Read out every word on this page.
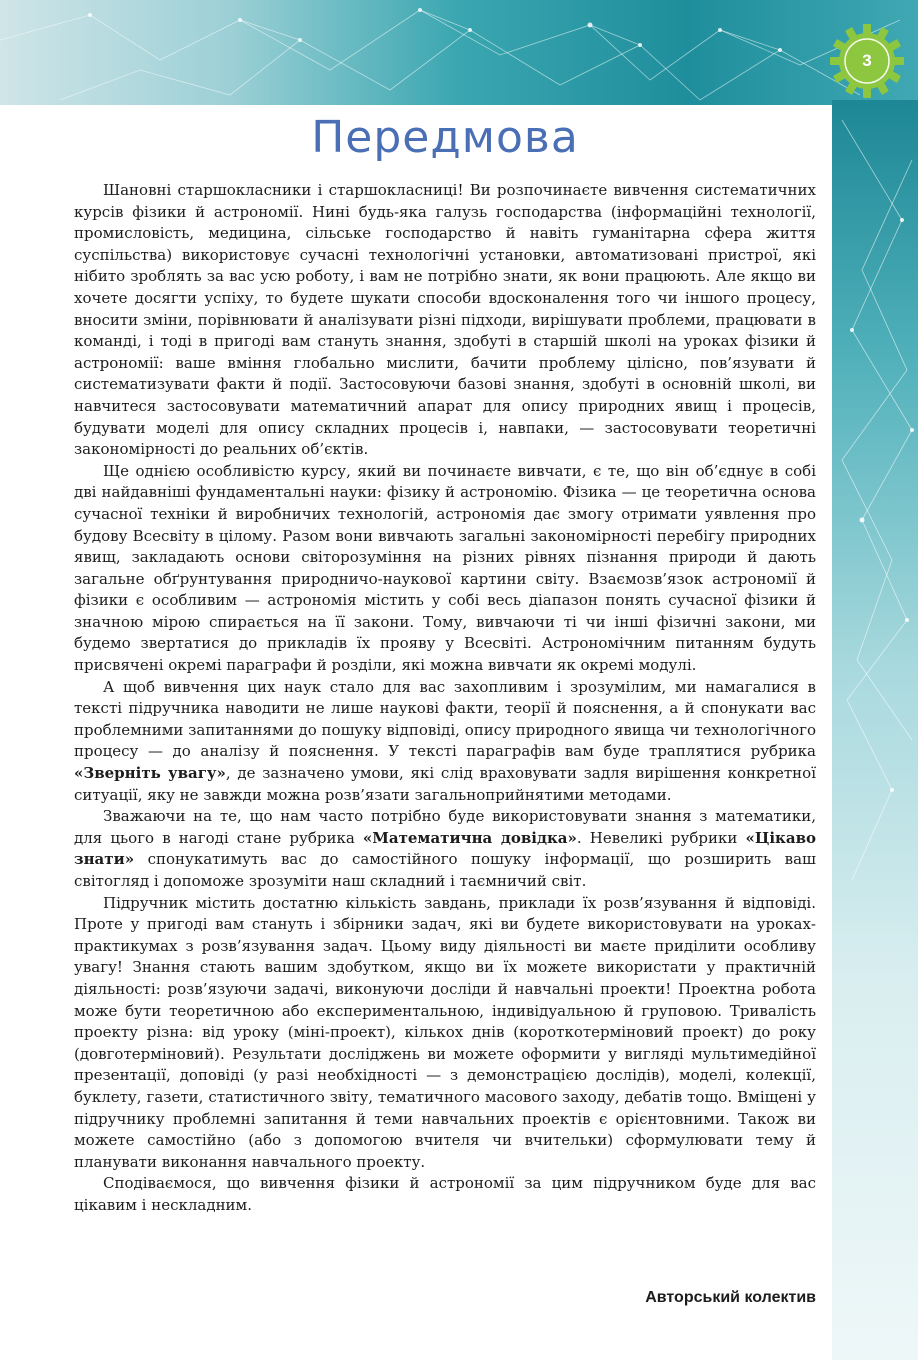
3
Передмова

Шановні старшокласники і старшокласниці! Ви розпочинаєте вивчення систематичних курсів фізики й астрономії. Нині будь-яка галузь господарства (інформаційні технології, промисловість, медицина, сільське господарство й навіть гуманітарна сфера життя суспільства) використовує сучасні технологічні установки, автоматизовані пристрої, які нібито зроблять за вас усю роботу, і вам не потрібно знати, як вони працюють. Але якщо ви хочете досягти успіху, то будете шукати способи вдосконалення того чи іншого процесу, вносити зміни, порівнювати й аналізувати різні підходи, вирішувати проблеми, працювати в команді, і тоді в пригоді вам стануть знання, здобуті в старшій школі на уроках фізики й астрономії: ваше вміння глобально мислити, бачити проблему цілісно, пов’язувати й систематизувати факти й події. Застосовуючи базові знання, здобуті в основній школі, ви навчитеся застосовувати математичний апарат для опису природних явищ і процесів, будувати моделі для опису складних процесів і, навпаки, — застосовувати теоретичні закономірності до реальних об’єктів.

Ще однією особливістю курсу, який ви починаєте вивчати, є те, що він об’єднує в собі дві найдавніші фундаментальні науки: фізику й астрономію. Фізика — це теоретична основа сучасної техніки й виробничих технологій, астрономія дає змогу отримати уявлення про будову Всесвіту в цілому. Разом вони вивчають загальні закономірності перебігу природних явищ, закладають основи світорозуміння на різних рівнях пізнання природи й дають загальне обґрунтування природничо-наукової картини світу. Взаємозв’язок астрономії й фізики є особливим — астрономія містить у собі весь діапазон понять сучасної фізики й значною мірою спирається на її закони. Тому, вивчаючи ті чи інші фізичні закони, ми будемо звертатися до прикладів їх прояву у Всесвіті. Астрономічним питанням будуть присвячені окремі параграфи й розділи, які можна вивчати як окремі модулі.

А щоб вивчення цих наук стало для вас захопливим і зрозумілим, ми намагалися в тексті підручника наводити не лише наукові факти, теорії й пояснення, а й спонукати вас проблемними запитаннями до пошуку відповіді, опису природного явища чи технологічного процесу — до аналізу й пояснення. У тексті параграфів вам буде траплятися рубрика «Зверніть увагу», де зазначено умови, які слід враховувати задля вирішення конкретної ситуації, яку не завжди можна розв’язати загальноприйнятими методами.

Зважаючи на те, що нам часто потрібно буде використовувати знання з математики, для цього в нагоді стане рубрика «Математична довідка». Невеликі рубрики «Цікаво знати» спонукатимуть вас до самостійного пошуку інформації, що розширить ваш світогляд і допоможе зрозуміти наш складний і таємничий світ.

Підручник містить достатню кількість завдань, приклади їх розв’язування й відповіді. Проте у пригоді вам стануть і збірники задач, які ви будете використовувати на уроках-практикумах з розв’язування задач. Цьому виду діяльності ви маєте приділити особливу увагу! Знання стають вашим здобутком, якщо ви їх можете використати у практичній діяльності: розв’язуючи задачі, виконуючи досліди й навчальні проекти! Проектна робота може бути теоретичною або експериментальною, індивідуальною й груповою. Тривалість проекту різна: від уроку (міні-проект), кількох днів (короткотерміновий проект) до року (довготерміновий). Результати досліджень ви можете оформити у вигляді мультимедійної презентації, доповіді (у разі необхідності — з демонстрацією дослідів), моделі, колекції, буклету, газети, статистичного звіту, тематичного масового заходу, дебатів тощо. Вміщені у підручнику проблемні запитання й теми навчальних проектів є орієнтовними. Також ви можете самостійно (або з допомогою вчителя чи вчительки) сформулювати тему й планувати виконання навчального проекту.

Сподіваємося, що вивчення фізики й астрономії за цим підручником буде для вас цікавим і нескладним.

Авторський колектив
